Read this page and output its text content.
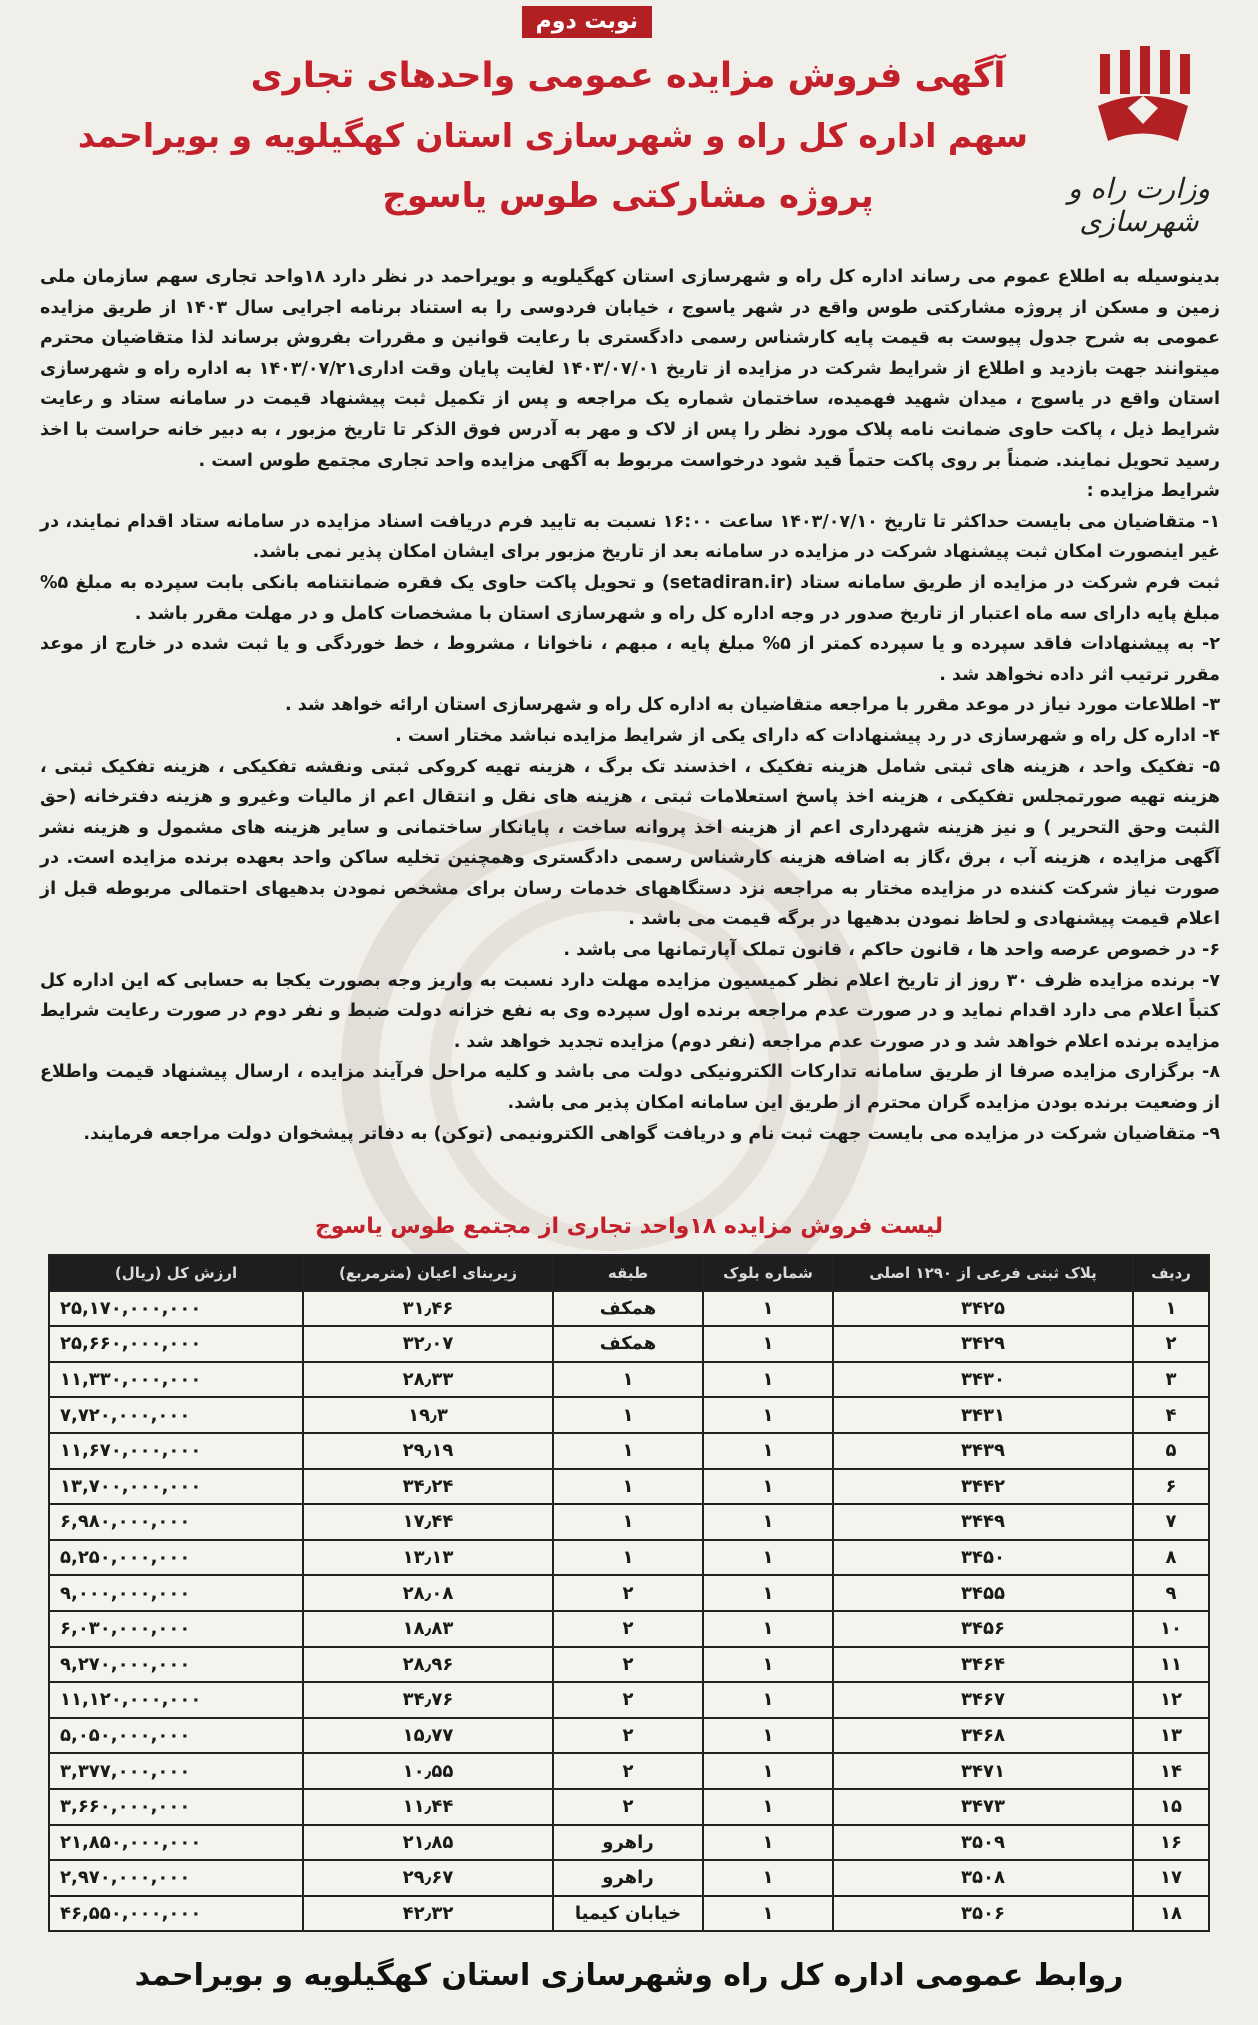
نوبت دوم
وزارت راه و شهرسازی
آگهی فروش مزایده عمومی واحدهای تجاری
سهم اداره کل راه و شهرسازی استان کهگیلویه و بویراحمد
پروژه مشارکتی طوس یاسوج

بدینوسیله به اطلاع عموم می رساند اداره کل راه و شهرسازی استان کهگیلویه و بویراحمد در نظر دارد ۱۸واحد تجاری سهم سازمان ملی زمین و مسکن از پروژه مشارکتی طوس واقع در شهر یاسوج ، خیابان فردوسی را به استناد برنامه اجرایی سال ۱۴۰۳ از طریق مزایده عمومی به شرح جدول پیوست به قیمت پایه کارشناس رسمی دادگستری با رعایت قوانین و مقررات بفروش برساند لذا متقاضیان محترم میتوانند جهت بازدید و اطلاع از شرایط شرکت در مزایده از تاریخ ۱۴۰۳/۰۷/۰۱ لغایت پایان وقت اداری۱۴۰۳/۰۷/۲۱ به اداره راه و شهرسازی استان واقع در یاسوج ، میدان شهید فهمیده، ساختمان شماره یک مراجعه و پس از تکمیل ثبت پیشنهاد قیمت در سامانه ستاد و رعایت شرایط ذیل ، پاکت حاوی ضمانت نامه پلاک مورد نظر را پس از لاک و مهر به آدرس فوق الذکر تا تاریخ مزبور ، به دبیر خانه حراست با اخذ رسید تحویل نمایند. ضمناً بر روی پاکت حتماً قید شود درخواست مربوط به آگهی مزایده واحد تجاری مجتمع طوس است .

شرایط مزایده :

۱- متقاضیان می بایست حداکثر تا تاریخ ۱۴۰۳/۰۷/۱۰ ساعت ۱۶:۰۰ نسبت به تایید فرم دریافت اسناد مزایده در سامانه ستاد اقدام نمایند، در غیر اینصورت امکان ثبت پیشنهاد شرکت در مزایده در سامانه بعد از تاریخ مزبور برای ایشان امکان پذیر نمی باشد.

ثبت فرم شرکت در مزایده از طریق سامانه ستاد (setadiran.ir) و تحویل پاکت حاوی یک فقره ضمانتنامه بانکی بابت سپرده به مبلغ ۵% مبلغ پایه دارای سه ماه اعتبار از تاریخ صدور در وجه اداره کل راه و شهرسازی استان با مشخصات کامل و در مهلت مقرر باشد .

۲- به پیشنهادات فاقد سپرده و یا سپرده کمتر از ۵% مبلغ پایه ، مبهم ، ناخوانا ، مشروط ، خط خوردگی و یا ثبت شده در خارج از موعد مقرر ترتیب اثر داده نخواهد شد .

۳- اطلاعات مورد نیاز در موعد مقرر با مراجعه متقاضیان به اداره کل راه و شهرسازی استان ارائه خواهد شد .

۴- اداره کل راه و شهرسازی در رد پیشنهادات که دارای یکی از شرایط مزایده نباشد مختار است .

۵- تفکیک واحد ، هزینه های ثبتی شامل هزینه تفکیک ، اخذسند تک برگ ، هزینه تهیه کروکی ثبتی ونقشه تفکیکی ، هزینه تفکیک ثبتی ، هزینه تهیه صورتمجلس تفکیکی ، هزینه اخذ پاسخ استعلامات ثبتی ، هزینه های نقل و انتقال اعم از مالیات وغیرو و هزینه دفترخانه (حق الثبت وحق التحریر ) و نیز هزینه شهرداری اعم از هزینه اخذ پروانه ساخت ، پایانکار ساختمانی و سایر هزینه های مشمول و هزینه نشر آگهی مزایده ، هزینه آب ، برق ،گاز به اضافه هزینه کارشناس رسمی دادگستری وهمچنین تخلیه ساکن واحد بعهده برنده مزایده است. در صورت نیاز شرکت کننده در مزایده مختار به مراجعه نزد دستگاههای خدمات رسان برای مشخص نمودن بدهیهای احتمالی مربوطه قبل از اعلام قیمت پیشنهادی و لحاظ نمودن بدهیها در برگه قیمت می باشد .

۶- در خصوص عرصه واحد ها ، قانون حاکم ، قانون تملک آپارتمانها می باشد .

۷- برنده مزایده ظرف ۳۰ روز از تاریخ اعلام نظر کمیسیون مزایده مهلت دارد نسبت به واریز وجه بصورت یکجا به حسابی که این اداره کل کتباً اعلام می دارد اقدام نماید و در صورت عدم مراجعه برنده اول سپرده وی به نفع خزانه دولت ضبط و نفر دوم در صورت رعایت شرایط مزایده برنده اعلام خواهد شد و در صورت عدم مراجعه (نفر دوم) مزایده تجدید خواهد شد .

۸- برگزاری مزایده صرفا از طریق سامانه تدارکات الکترونیکی دولت می باشد و کلیه مراحل فرآیند مزایده ، ارسال پیشنهاد قیمت واطلاع از وضعیت برنده بودن مزایده گران محترم از طریق این سامانه امکان پذیر می باشد.

۹- متقاضیان شرکت در مزایده می بایست جهت ثبت نام و دریافت گواهی الکترونیمی (توکن) به دفاتر پیشخوان دولت مراجعه فرمایند.

لیست فروش مزایده ۱۸واحد تجاری از مجتمع طوس یاسوج
ردیف	پلاک ثبتی فرعی از ۱۲۹۰ اصلی	شماره بلوک	طبقه	زیربنای اعیان (مترمربع)	ارزش کل (ریال)
۱	۳۴۲۵	۱	همکف	۳۱٫۴۶	۲۵,۱۷۰,۰۰۰,۰۰۰
۲	۳۴۲۹	۱	همکف	۳۲٫۰۷	۲۵,۶۶۰,۰۰۰,۰۰۰
۳	۳۴۳۰	۱	۱	۲۸٫۳۳	۱۱,۳۳۰,۰۰۰,۰۰۰
۴	۳۴۳۱	۱	۱	۱۹٫۳	۷,۷۲۰,۰۰۰,۰۰۰
۵	۳۴۳۹	۱	۱	۲۹٫۱۹	۱۱,۶۷۰,۰۰۰,۰۰۰
۶	۳۴۴۲	۱	۱	۳۴٫۲۴	۱۳,۷۰۰,۰۰۰,۰۰۰
۷	۳۴۴۹	۱	۱	۱۷٫۴۴	۶,۹۸۰,۰۰۰,۰۰۰
۸	۳۴۵۰	۱	۱	۱۳٫۱۳	۵,۲۵۰,۰۰۰,۰۰۰
۹	۳۴۵۵	۱	۲	۲۸٫۰۸	۹,۰۰۰,۰۰۰,۰۰۰
۱۰	۳۴۵۶	۱	۲	۱۸٫۸۳	۶,۰۳۰,۰۰۰,۰۰۰
۱۱	۳۴۶۴	۱	۲	۲۸٫۹۶	۹,۲۷۰,۰۰۰,۰۰۰
۱۲	۳۴۶۷	۱	۲	۳۴٫۷۶	۱۱,۱۲۰,۰۰۰,۰۰۰
۱۳	۳۴۶۸	۱	۲	۱۵٫۷۷	۵,۰۵۰,۰۰۰,۰۰۰
۱۴	۳۴۷۱	۱	۲	۱۰٫۵۵	۳,۳۷۷,۰۰۰,۰۰۰
۱۵	۳۴۷۳	۱	۲	۱۱٫۴۴	۳,۶۶۰,۰۰۰,۰۰۰
۱۶	۳۵۰۹	۱	راهرو	۲۱٫۸۵	۲۱,۸۵۰,۰۰۰,۰۰۰
۱۷	۳۵۰۸	۱	راهرو	۲۹٫۶۷	۲,۹۷۰,۰۰۰,۰۰۰
۱۸	۳۵۰۶	۱	خیابان کیمیا	۴۲٫۳۲	۴۶,۵۵۰,۰۰۰,۰۰۰
روابط عمومی اداره کل راه وشهرسازی استان کهگیلویه و بویراحمد
